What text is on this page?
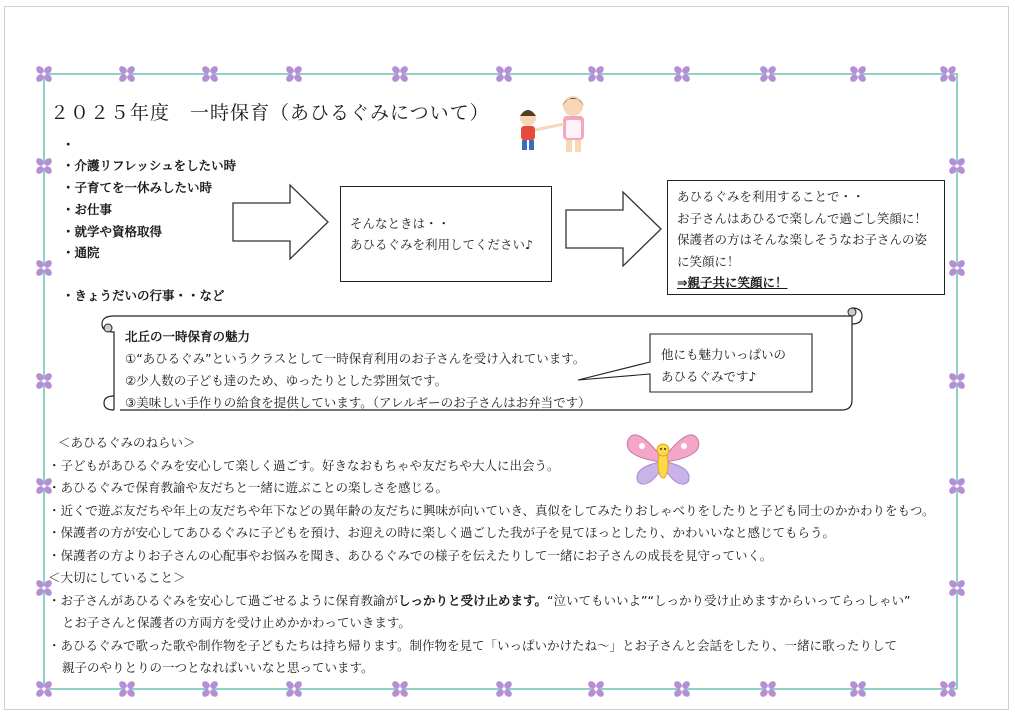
２０２５年度　一時保育（あひるぐみについて）
・
・介護リフレッシュをしたい時
・子育てを一休みしたい時
・お仕事
・就学や資格取得
・通院
・きょうだいの行事・・など
そんなときは・・
あひるぐみを利用してください♪
あひるぐみを利用することで・・
お子さんはあひるで楽しんで過ごし笑顔に！
保護者の方はそんな楽しそうなお子さんの姿
に笑顔に！
⇒親子共に笑顔に！
北丘の一時保育の魅力
①“あひるぐみ”というクラスとして一時保育利用のお子さんを受け入れています。
②少人数の子ども達のため、ゆったりとした雰囲気です。
③美味しい手作りの給食を提供しています。（アレルギーのお子さんはお弁当です）
他にも魅力いっぱいの
あひるぐみです♪
＜あひるぐみのねらい＞
・子どもがあひるぐみを安心して楽しく過ごす。好きなおもちゃや友だちや大人に出会う。
・あひるぐみで保育教諭や友だちと一緒に遊ぶことの楽しさを感じる。
・近くで遊ぶ友だちや年上の友だちや年下などの異年齢の友だちに興味が向いていき、真似をしてみたりおしゃべりをしたりと子ども同士のかかわりをもつ。
・保護者の方が安心してあひるぐみに子どもを預け、お迎えの時に楽しく過ごした我が子を見てほっとしたり、かわいいなと感じてもらう。
・保護者の方よりお子さんの心配事やお悩みを聞き、あひるぐみでの様子を伝えたりして一緒にお子さんの成長を見守っていく。
＜大切にしていること＞
・お子さんがあひるぐみを安心して過ごせるように保育教諭がしっかりと受け止めます。“泣いてもいいよ”“しっかり受け止めますからいってらっしゃい”
とお子さんと保護者の方両方を受け止めかかわっていきます。
・あひるぐみで歌った歌や制作物を子どもたちは持ち帰ります。制作物を見て「いっぱいかけたね～」とお子さんと会話をしたり、一緒に歌ったりして
親子のやりとりの一つとなればいいなと思っています。
